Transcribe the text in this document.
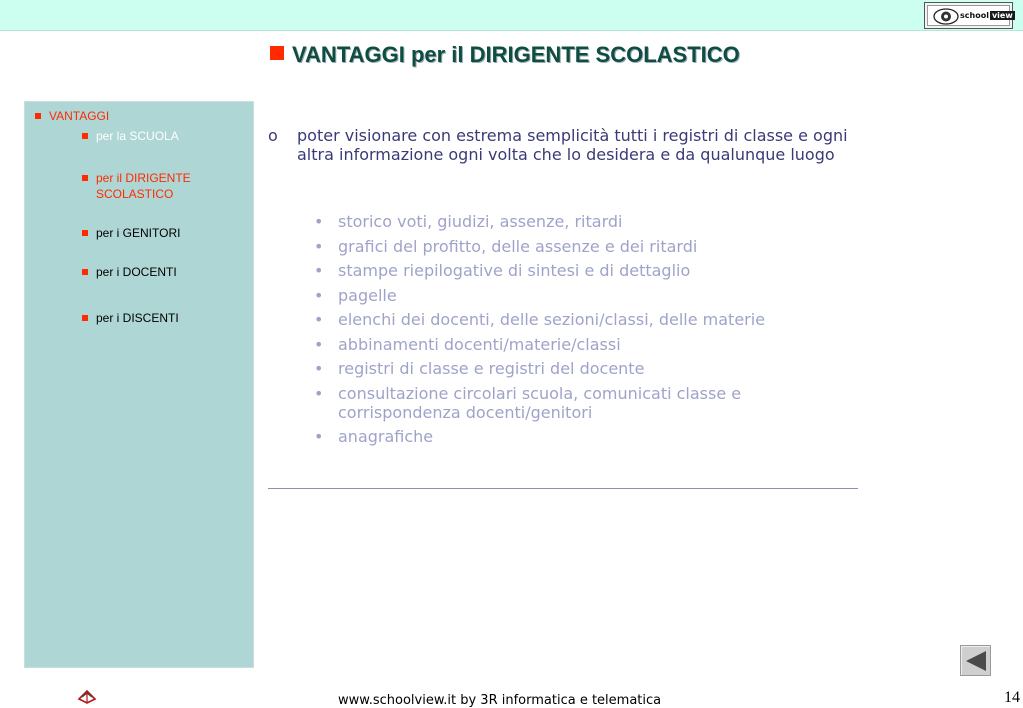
school view
VANTAGGI per il DIRIGENTE SCOLASTICO
VANTAGGI
per la SCUOLA
per il DIRIGENTE SCOLASTICO
per i GENITORI
per i DOCENTI
per i DISCENTI
o	poter visionare con estrema semplicità tutti i registri di classe e ogni altra informazione ogni volta che lo desidera e da qualunque luogo
• storico voti, giudizi, assenze, ritardi
• grafici del profitto, delle assenze e dei ritardi
• stampe riepilogative di sintesi e di dettaglio
• pagelle
• elenchi dei docenti, delle sezioni/classi, delle materie
• abbinamenti docenti/materie/classi
• registri di classe e registri del docente
• consultazione circolari scuola, comunicati classe e corrispondenza docenti/genitori
• anagrafiche
www.schoolview.it by 3R informatica e telematica	14
